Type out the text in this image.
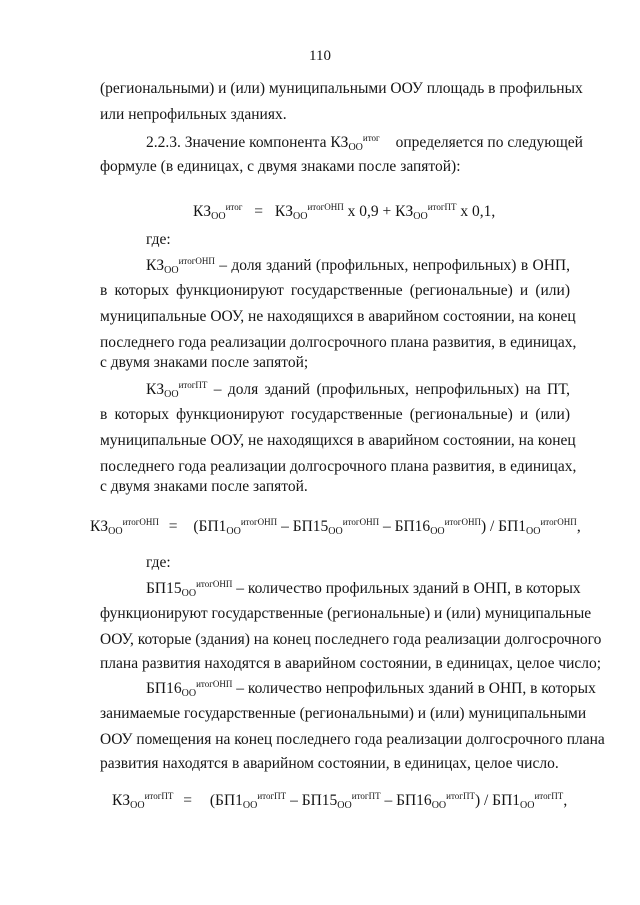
110
(региональными) и (или) муниципальными ООУ площадь в профильных
или непрофильных зданиях.
2.2.3. Значение компонента $КЗ_{ОО}^{итог}$ определяется по следующей
формуле (в единицах, с двумя знаками после запятой):
$КЗ_{ОО}^{итог} = КЗ_{ОО}^{итогОНП}$ х $0,9 + КЗ_{ОО}^{итогПТ}$ х 0,1,
где:
$КЗ_{ОО}^{итогОНП}$ – доля зданий (профильных, непрофильных) в ОНП,
в которых функционируют государственные (региональные) и (или)
муниципальные ООУ, не находящихся в аварийном состоянии, на конец
последнего года реализации долгосрочного плана развития, в единицах,
с двумя знаками после запятой;
$КЗ_{ОО}^{итогПТ}$ – доля зданий (профильных, непрофильных) на ПТ,
в которых функционируют государственные (региональные) и (или)
муниципальные ООУ, не находящихся в аварийном состоянии, на конец
последнего года реализации долгосрочного плана развития, в единицах,
с двумя знаками после запятой.
$КЗ_{ОО}^{итогОНП} = (БП1_{ОО}^{итогОНП} - БП15_{ОО}^{итогОНП} - БП16_{ОО}^{итогОНП}) / БП1_{ОО}^{итогОНП}$,
где:
$БП15_{ОО}^{итогОНП}$ – количество профильных зданий в ОНП, в которых
функционируют государственные (региональные) и (или) муниципальные
ООУ, которые (здания) на конец последнего года реализации долгосрочного
плана развития находятся в аварийном состоянии, в единицах, целое число;
$БП16_{ОО}^{итогОНП}$ – количество непрофильных зданий в ОНП, в которых
занимаемые государственные (региональными) и (или) муниципальными
ООУ помещения на конец последнего года реализации долгосрочного плана
развития находятся в аварийном состоянии, в единицах, целое число.
$КЗ_{ОО}^{итогПТ} = (БП1_{ОО}^{итогПТ} - БП15_{ОО}^{итогПТ} - БП16_{ОО}^{итогПТ}) / БП1_{ОО}^{итогПТ}$,
